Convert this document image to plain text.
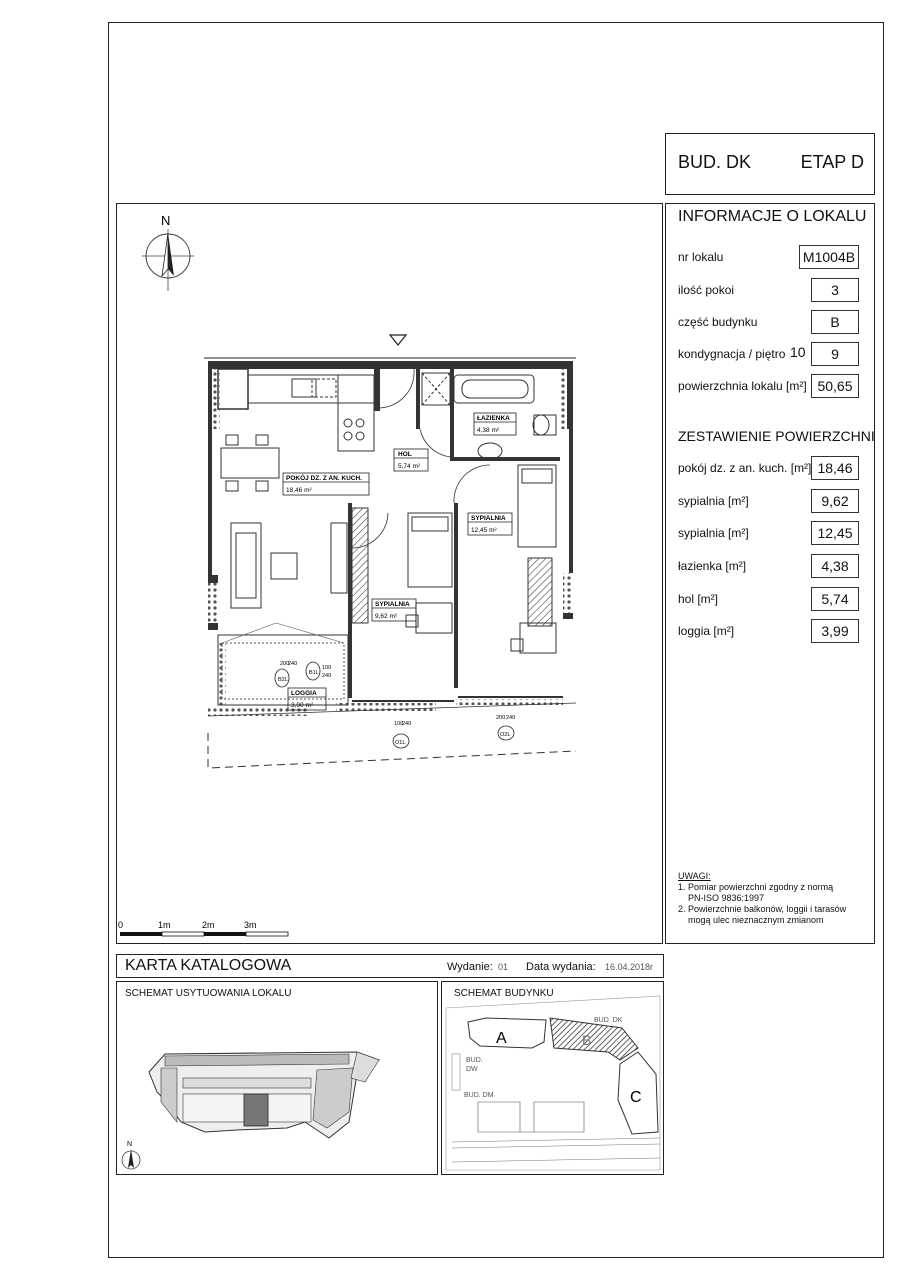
BUD. DK	ETAP D
INFORMACJE O LOKALU
nr lokalu	M1004B
ilość pokoi	3
część budynku	B
kondygnacja / piętro 10	9
powierzchnia lokalu [m²] 50,65
ZESTAWIENIE POWIERZCHNI
pokój dz. z an. kuch. [m²] 18,46
sypialnia [m²]	9,62
sypialnia [m²]	12,45
łazienka [m²]	4,38
hol [m²]	5,74
loggia [m²]	3,99
UWAGI:
1. Pomiar powierzchni zgodny z normą
PN-ISO 9836:1997
2. Powierzchnie balkonów, loggii i tarasów
mogą ulec nieznacznym zmianom
N
POKÓJ DZ. Z AN. KUCH.
18,46 m²
HOL
5,74 m²
ŁAZIENKA
4,38 m²
SYPIALNIA
12,45 m²
SYPIALNIA
9,62 m²
LOGGIA
3,90 m²
B2L
B1L
O1L
O2L
200
240
100
240
100
240
200 240
0	1m	2m	3m
KARTA KATALOGOWA	Wydanie: 01 Data wydania: 16.04.2018r
SCHEMAT USYTUOWANIA LOKALU
N
SCHEMAT BUDYNKU
A	B
C
BUD. DK
BUD.
DW
BUD. DM
